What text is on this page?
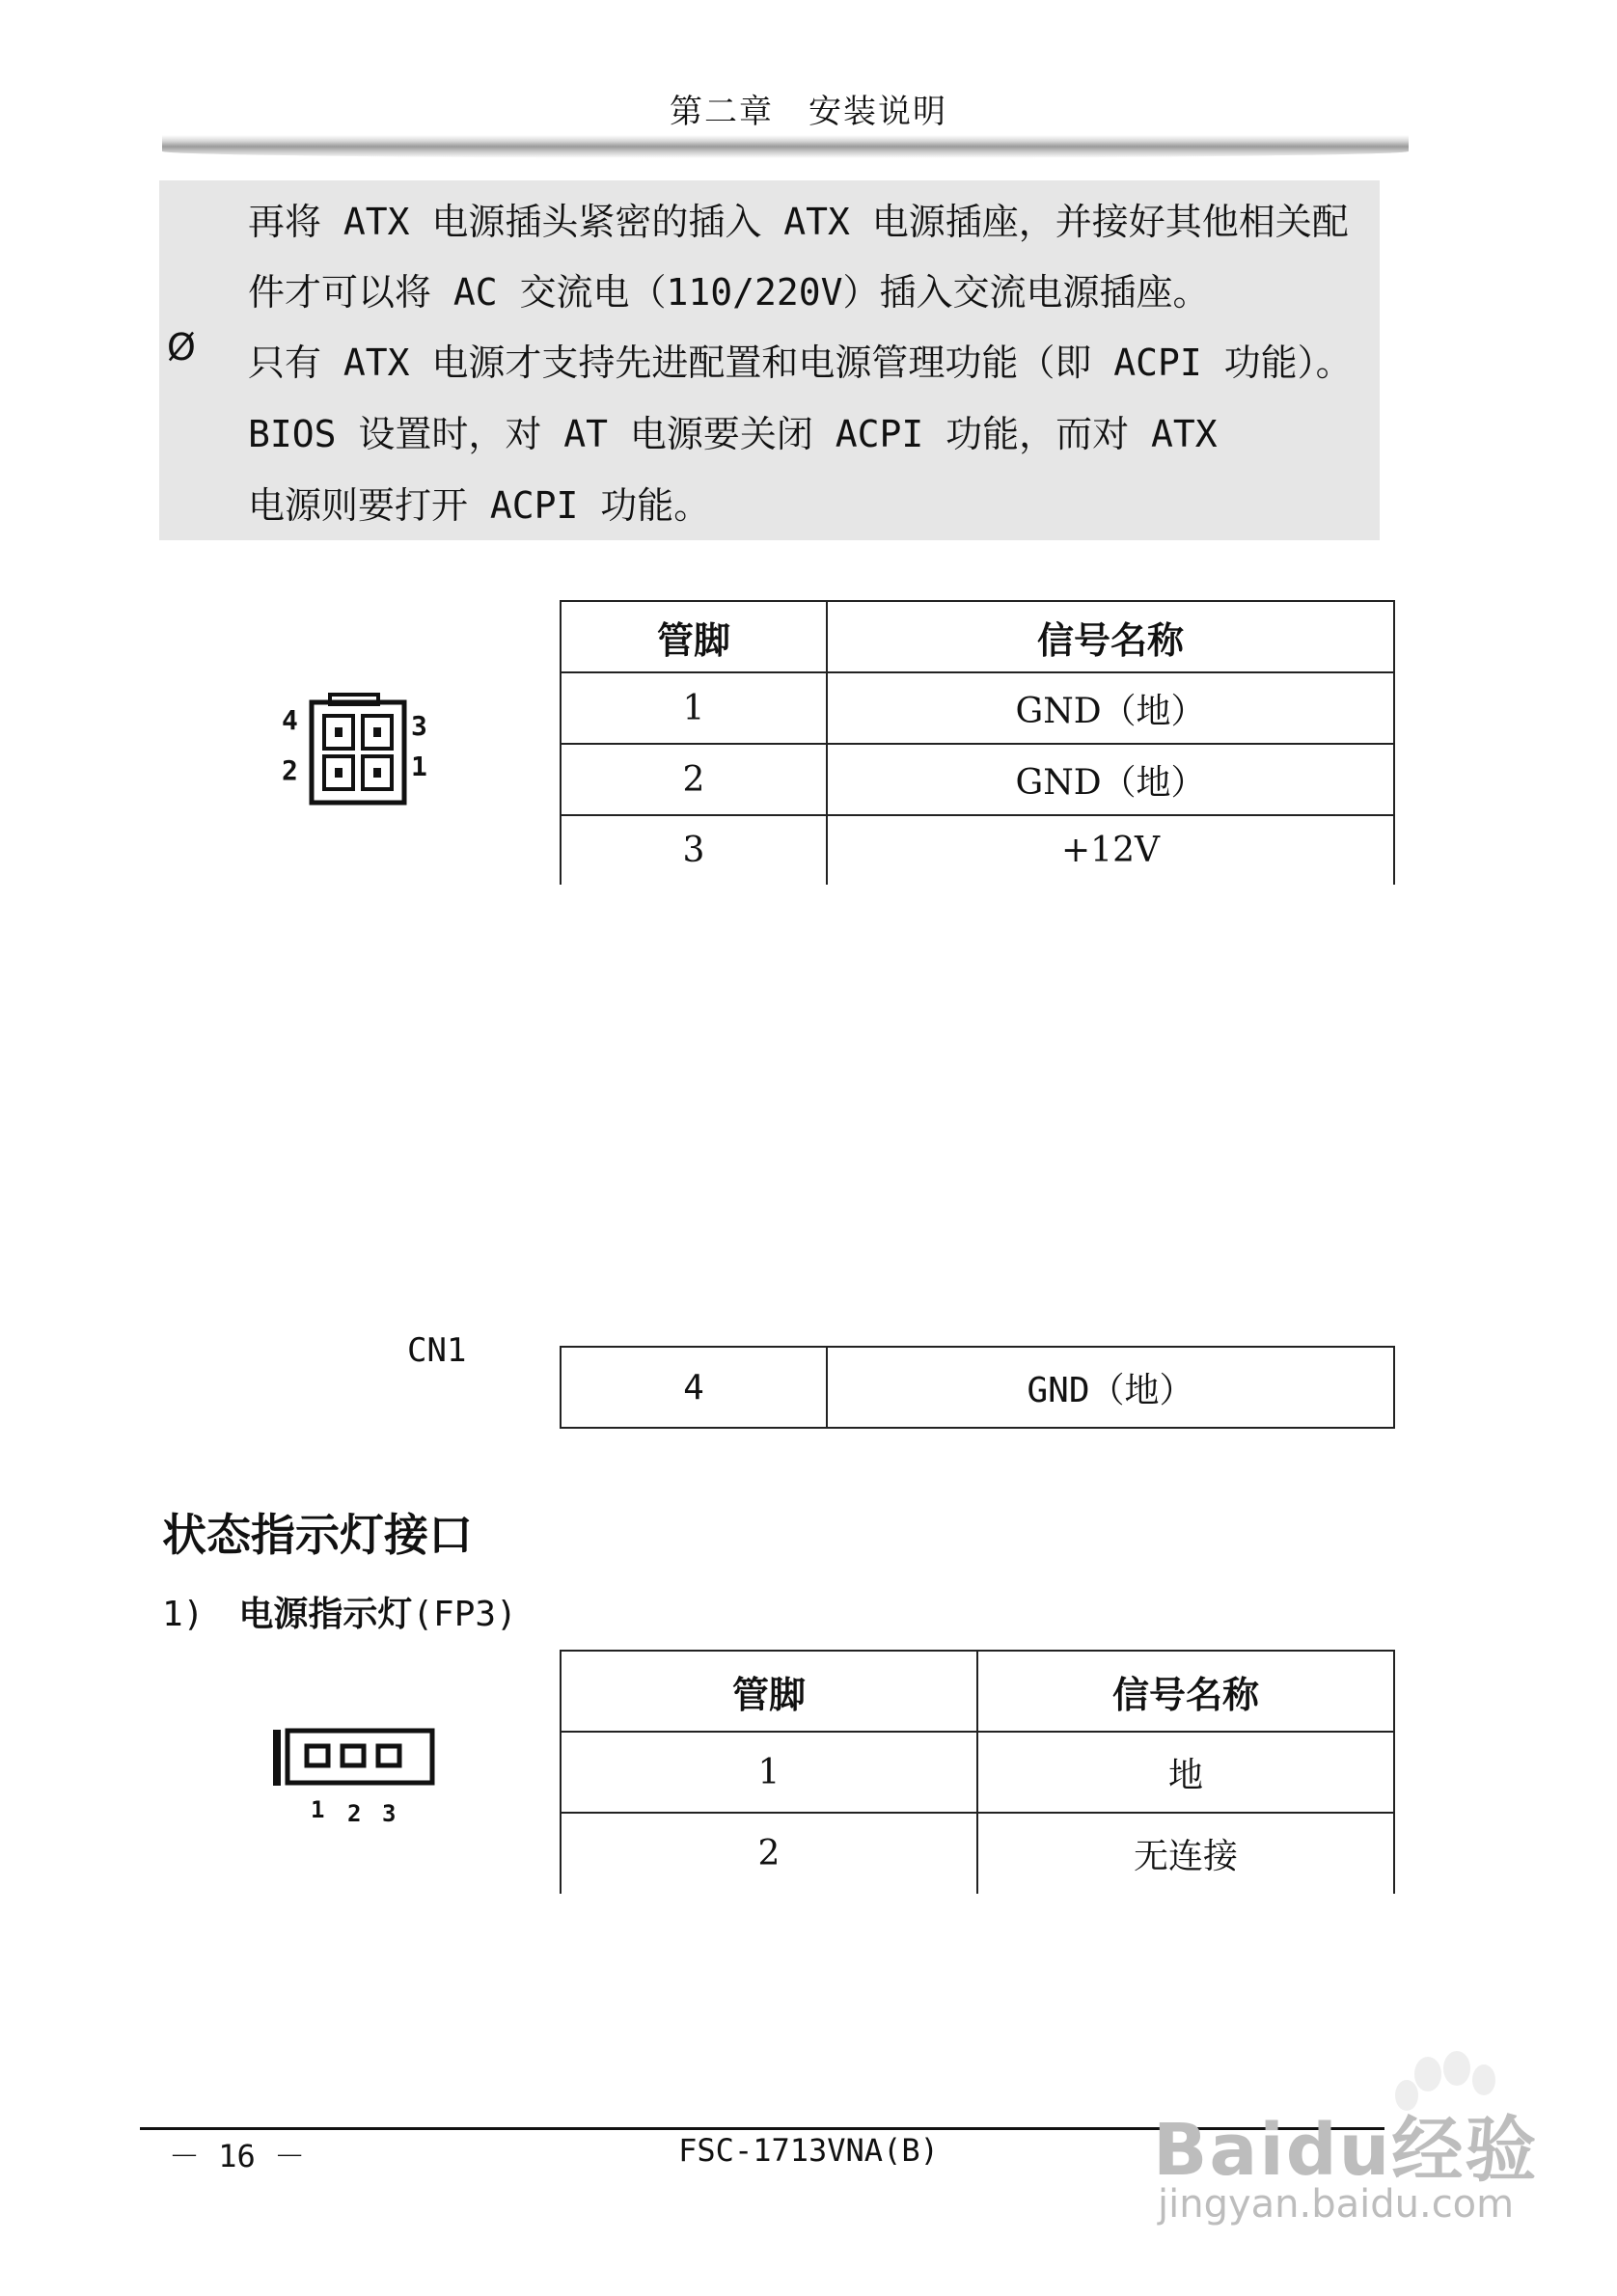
第二章　安装说明
再将 ATX 电源插头紧密的插入 ATX 电源插座，并接好其他相关配
件才可以将 AC 交流电（110/220V）插入交流电源插座。
Ø 只有 ATX 电源才支持先进配置和电源管理功能（即 ACPI 功能）。
BIOS 设置时，对 AT 电源要关闭 ACPI 功能，而对 ATX
电源则要打开 ACPI 功能。
4	3
2	1
管脚	信号名称
1	GND（地）
2	GND（地）
3	+12V
CN1
4	GND（地）
状态指示灯接口
1) 电源指示灯(FP3)
1 2 3
管脚	信号名称
1	地
2	无连接
－ 16 －	FSC-1713VNA(B)	Baidu经验
jingyan.baidu.com
